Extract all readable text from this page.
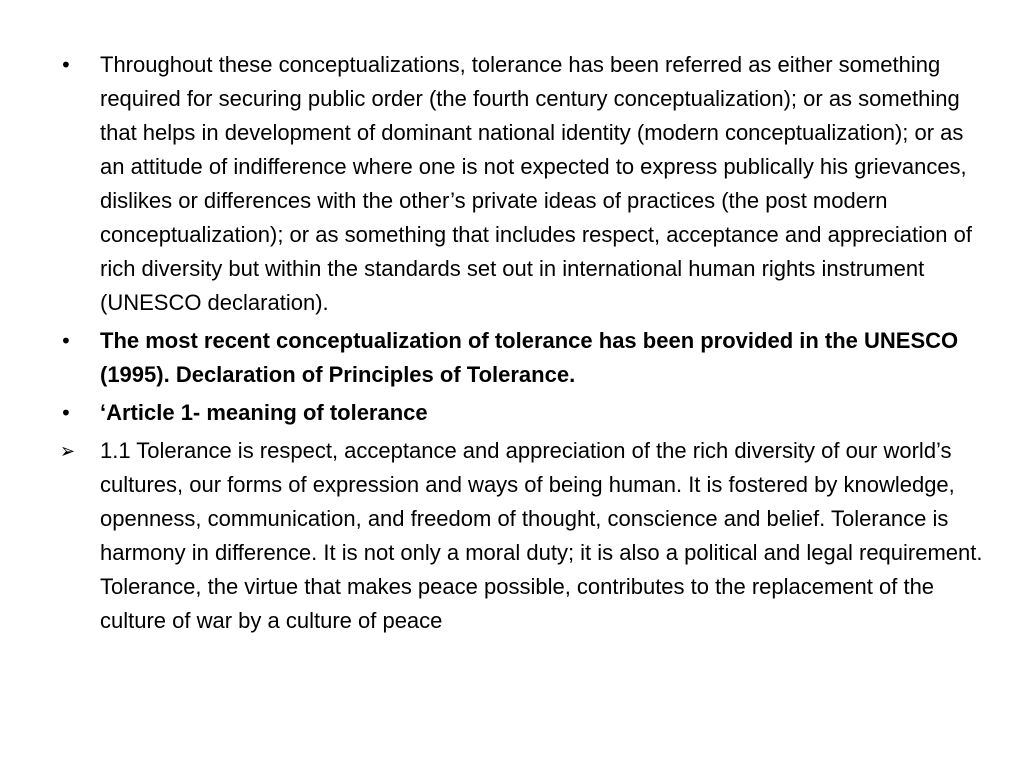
•	Throughout these conceptualizations, tolerance has been referred as either something required for securing public order (the fourth century conceptualization); or as something that helps in development of dominant national identity (modern conceptualization); or as an attitude of indifference where one is not expected to express publically his grievances, dislikes or differences with the other’s private ideas of practices (the post modern conceptualization); or as something that includes respect, acceptance and appreciation of rich diversity but within the standards set out in international human rights instrument (UNESCO declaration).
•	The most recent conceptualization of tolerance has been provided in the UNESCO (1995). Declaration of Principles of Tolerance.
•	‘Article 1- meaning of tolerance
➢	1.1 Tolerance is respect, acceptance and appreciation of the rich diversity of our world’s cultures, our forms of expression and ways of being human. It is fostered by knowledge, openness, communication, and freedom of thought, conscience and belief. Tolerance is harmony in difference. It is not only a moral duty; it is also a political and legal requirement. Tolerance, the virtue that makes peace possible, contributes to the replacement of the culture of war by a culture of peace
